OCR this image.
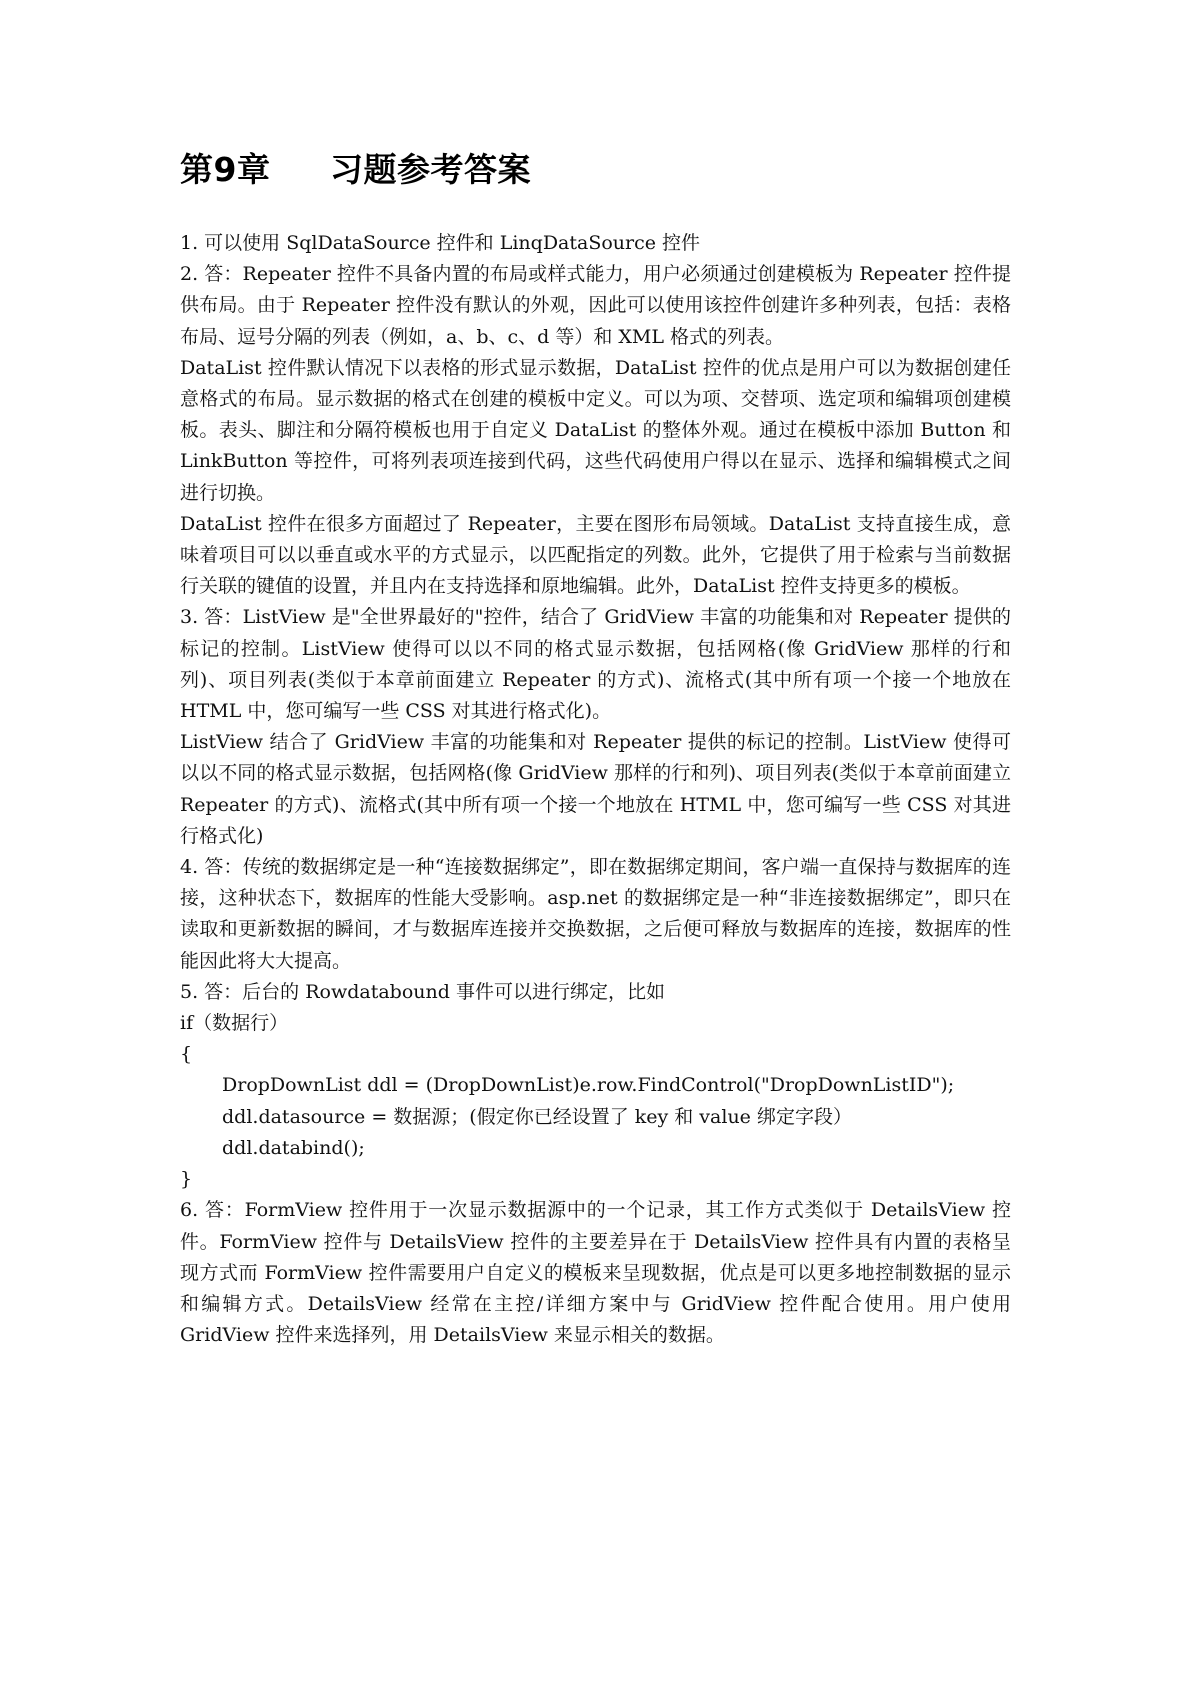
第9章 习题参考答案

1. 可以使用 SqlDataSource 控件和 LinqDataSource 控件

2. 答：Repeater 控件不具备内置的布局或样式能力，用户必须通过创建模板为 Repeater 控件提供布局。由于 Repeater 控件没有默认的外观，因此可以使用该控件创建许多种列表，包括：表格布局、逗号分隔的列表（例如，a、b、c、d 等）和 XML 格式的列表。

DataList 控件默认情况下以表格的形式显示数据，DataList 控件的优点是用户可以为数据创建任意格式的布局。显示数据的格式在创建的模板中定义。可以为项、交替项、选定项和编辑项创建模板。表头、脚注和分隔符模板也用于自定义 DataList 的整体外观。通过在模板中添加 Button 和 LinkButton 等控件，可将列表项连接到代码，这些代码使用户得以在显示、选择和编辑模式之间进行切换。

DataList 控件在很多方面超过了 Repeater，主要在图形布局领域。DataList 支持直接生成，意味着项目可以以垂直或水平的方式显示，以匹配指定的列数。此外，它提供了用于检索与当前数据行关联的键值的设置，并且内在支持选择和原地编辑。此外，DataList 控件支持更多的模板。

3. 答：ListView 是"全世界最好的"控件，结合了 GridView 丰富的功能集和对 Repeater 提供的标记的控制。ListView 使得可以以不同的格式显示数据，包括网格(像 GridView 那样的行和列)、项目列表(类似于本章前面建立 Repeater 的方式)、流格式(其中所有项一个接一个地放在 HTML 中，您可编写一些 CSS 对其进行格式化)。

ListView 结合了 GridView 丰富的功能集和对 Repeater 提供的标记的控制。ListView 使得可以以不同的格式显示数据，包括网格(像 GridView 那样的行和列)、项目列表(类似于本章前面建立 Repeater 的方式)、流格式(其中所有项一个接一个地放在 HTML 中，您可编写一些 CSS 对其进行格式化)

4. 答：传统的数据绑定是一种“连接数据绑定”，即在数据绑定期间，客户端一直保持与数据库的连接，这种状态下，数据库的性能大受影响。asp.net 的数据绑定是一种“非连接数据绑定”，即只在读取和更新数据的瞬间，才与数据库连接并交换数据，之后便可释放与数据库的连接，数据库的性能因此将大大提高。

5. 答：后台的 Rowdatabound 事件可以进行绑定，比如

if（数据行）

{

DropDownList ddl = (DropDownList)e.row.FindControl("DropDownListID");

ddl.datasource = 数据源；(假定你已经设置了 key 和 value 绑定字段）

ddl.databind();

}

6. 答：FormView 控件用于一次显示数据源中的一个记录，其工作方式类似于 DetailsView 控件。FormView 控件与 DetailsView 控件的主要差异在于 DetailsView 控件具有内置的表格呈现方式而 FormView 控件需要用户自定义的模板来呈现数据，优点是可以更多地控制数据的显示和编辑方式。DetailsView 经常在主控/详细方案中与 GridView 控件配合使用。用户使用 GridView 控件来选择列，用 DetailsView 来显示相关的数据。
